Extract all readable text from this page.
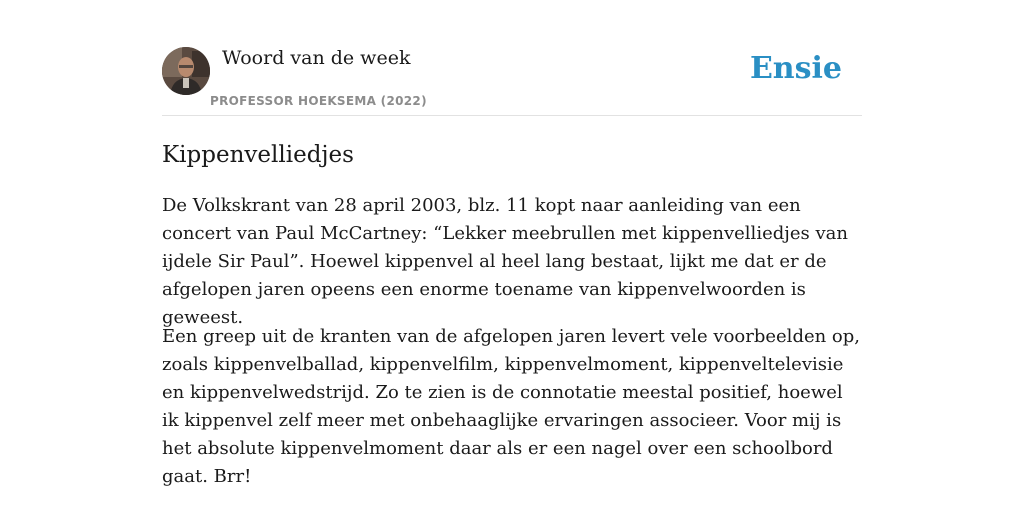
Woord van de week
PROFESSOR HOEKSEMA (2022)
Ensie
Kippenvelliedjes

De Volkskrant van 28 april 2003, blz. 11 kopt naar aanleiding van een concert van Paul McCartney: “Lekker meebrullen met kippenvelliedjes van ijdele Sir Paul”. Hoewel kippenvel al heel lang bestaat, lijkt me dat er de afgelopen jaren opeens een enorme toename van kippenvelwoorden is geweest.

Een greep uit de kranten van de afgelopen jaren levert vele voorbeelden op, zoals kippenvelballad, kippenvelfilm, kippenvelmoment, kippenveltelevisie en kippenvelwedstrijd. Zo te zien is de connotatie meestal positief, hoewel ik kippenvel zelf meer met onbehaaglijke ervaringen associeer. Voor mij is het absolute kippenvelmoment daar als er een nagel over een schoolbord gaat. Brr!
